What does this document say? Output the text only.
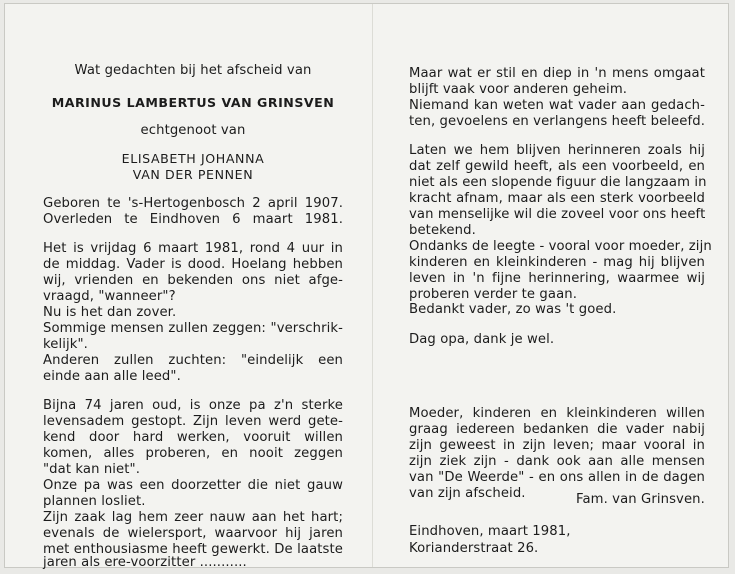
Wat gedachten bij het afscheid van
MARINUS LAMBERTUS VAN GRINSVEN
echtgenoot van
ELISABETH JOHANNA
VAN DER PENNEN
Geboren te 's-Hertogenbosch 2 april 1907.
Overleden te Eindhoven 6 maart 1981.
Het is vrijdag 6 maart 1981, rond 4 uur in
de middag. Vader is dood. Hoelang hebben
wij, vrienden en bekenden ons niet afge-
vraagd, "wanneer"?
Nu is het dan zover.
Sommige mensen zullen zeggen: "verschrik-
kelijk".
Anderen zullen zuchten: "eindelijk een
einde aan alle leed".
Bijna 74 jaren oud, is onze pa z'n sterke
levensadem gestopt. Zijn leven werd gete-
kend door hard werken, vooruit willen
komen, alles proberen, en nooit zeggen
"dat kan niet".
Onze pa was een doorzetter die niet gauw
plannen losliet.
Zijn zaak lag hem zeer nauw aan het hart;
evenals de wielersport, waarvoor hij jaren
met enthousiasme heeft gewerkt. De laatste
jaren als ere-voorzitter ...........
Maar wat er stil en diep in 'n mens omgaat
blijft vaak voor anderen geheim.
Niemand kan weten wat vader aan gedach-
ten, gevoelens en verlangens heeft beleefd.
Laten we hem blijven herinneren zoals hij
dat zelf gewild heeft, als een voorbeeld, en
niet als een slopende figuur die langzaam in
kracht afnam, maar als een sterk voorbeeld
van menselijke wil die zoveel voor ons heeft
betekend.
Ondanks de leegte - vooral voor moeder, zijn
kinderen en kleinkinderen - mag hij blijven
leven in 'n fijne herinnering, waarmee wij
proberen verder te gaan.
Bedankt vader, zo was 't goed.
Dag opa, dank je wel.
Moeder, kinderen en kleinkinderen willen
graag iedereen bedanken die vader nabij
zijn geweest in zijn leven; maar vooral in
zijn ziek zijn - dank ook aan alle mensen
van "De Weerde" - en ons allen in de dagen
van zijn afscheid.	Fam. van Grinsven.
Eindhoven, maart 1981,
Korianderstraat 26.
